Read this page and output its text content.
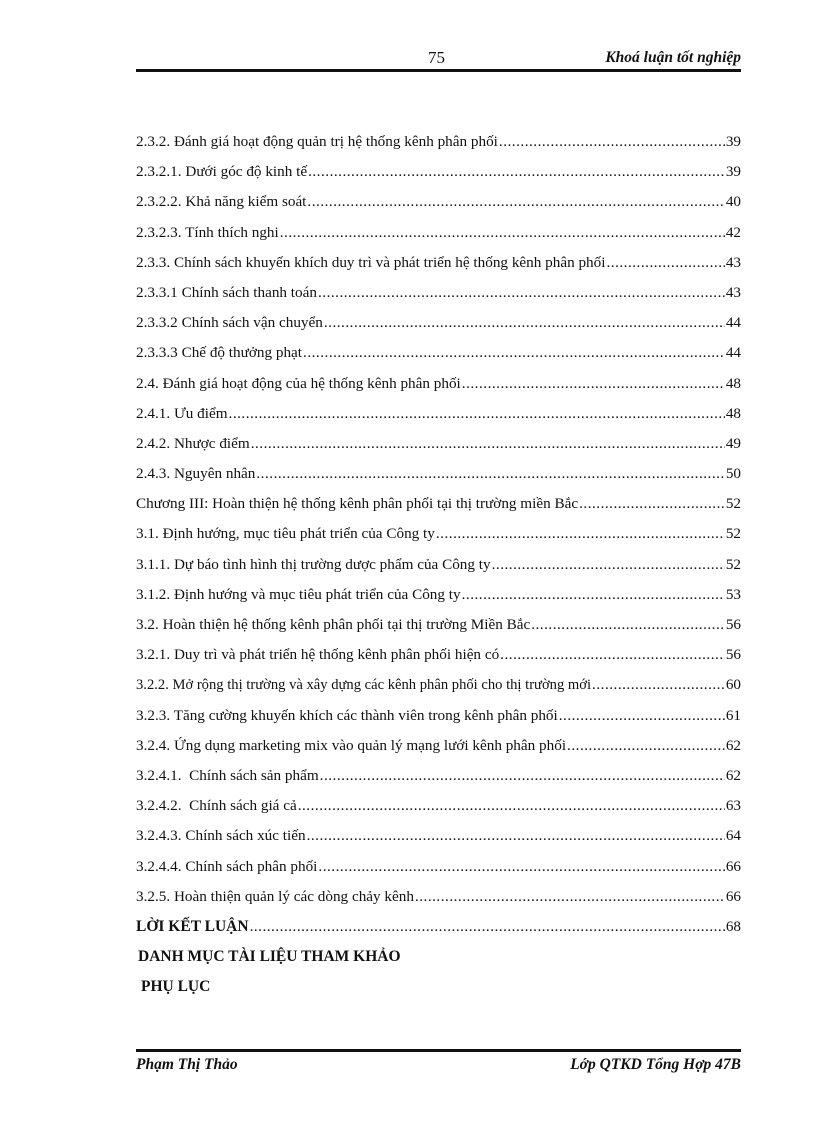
75	Khoá luận tốt nghiệp
2.3.2. Đánh giá hoạt động quản trị hệ thống kênh phân phối .....	39
2.3.2.1. Dưới góc độ kinh tế .....	39
2.3.2.2. Khả năng kiểm soát .....	40
2.3.2.3. Tính thích nghi .....	42
2.3.3. Chính sách khuyến khích duy trì và phát triển hệ thống kênh phân phối .....	43
2.3.3.1 Chính sách thanh toán .....	43
2.3.3.2 Chính sách vận chuyển .....	44
2.3.3.3 Chế độ thưởng phạt .....	44
2.4. Đánh giá hoạt động của hệ thống kênh phân phối .....	48
2.4.1. Ưu điểm .....	48
2.4.2. Nhược điểm .....	49
2.4.3. Nguyên nhân .....	50
Chương III: Hoàn thiện hệ thống kênh phân phối tại thị trường miền Bắc .....	52
3.1. Định hướng, mục tiêu phát triển của Công ty .....	52
3.1.1. Dự báo tình hình thị trường dược phẩm của Công ty .....	52
3.1.2. Định hướng và mục tiêu phát triển của Công ty .....	53
3.2. Hoàn thiện hệ thống kênh phân phối tại thị trường Miền Bắc .....	56
3.2.1. Duy trì và phát triển hệ thống kênh phân phối hiện có .....	56
3.2.2. Mở rộng thị trường và xây dựng các kênh phân phối cho thị trường mới .....	60
3.2.3. Tăng cường khuyến khích các thành viên trong kênh phân phối .....	61
3.2.4. Ứng dụng marketing mix vào quản lý mạng lưới kênh phân phối .....	62
3.2.4.1.  Chính sách sản phẩm .....	62
3.2.4.2.  Chính sách giá cả .....	63
3.2.4.3. Chính sách xúc tiến .....	64
3.2.4.4. Chính sách phân phối .....	66
3.2.5. Hoàn thiện quản lý các dòng chảy kênh .....	66
LỜI KẾT LUẬN .....	68
DANH MỤC TÀI LIỆU THAM KHẢO
PHỤ LỤC
Phạm Thị Thảo	Lớp QTKD Tổng Hợp 47B
